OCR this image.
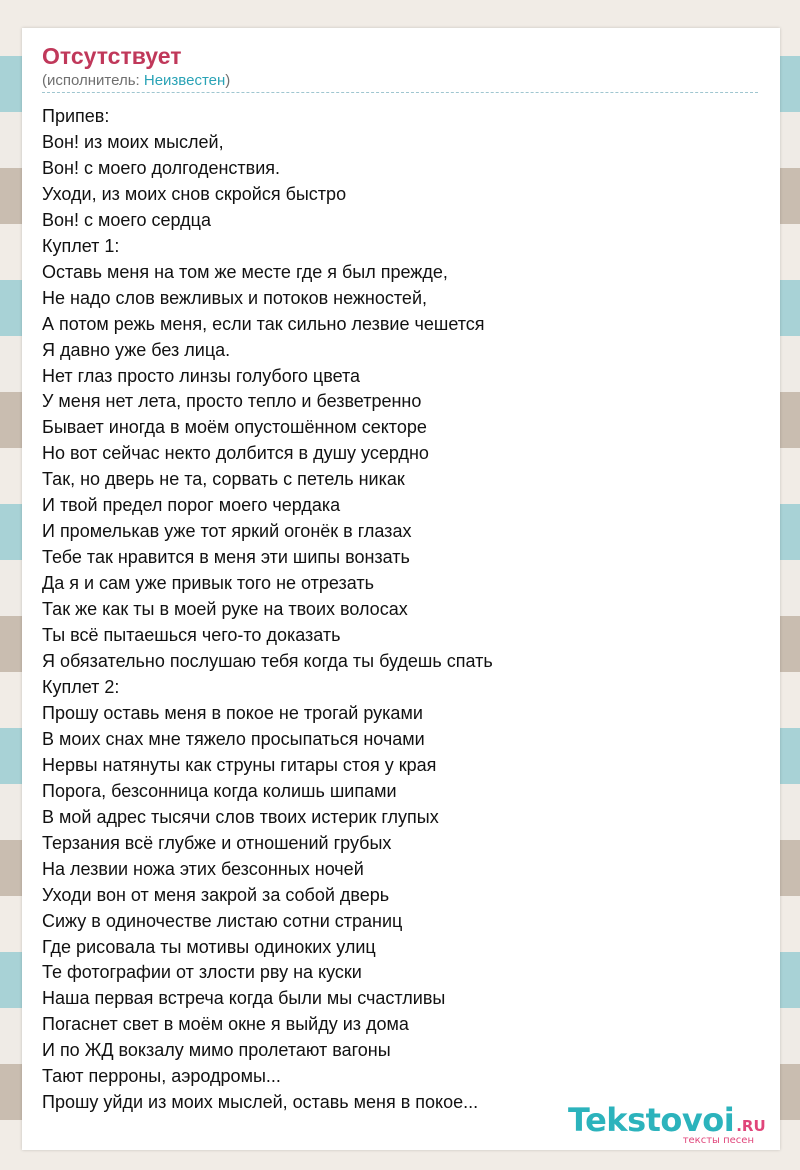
Отсутствует
(исполнитель: Неизвестен)
Припев:
Вон! из моих мыслей,
Вон! с моего долгоденствия.
Уходи, из моих снов скройся быстро
Вон! с моего сердца
Куплет 1:
Оставь меня на том же месте где я был прежде,
Не надо слов вежливых и потоков нежностей,
А потом режь меня, если так сильно лезвие чешется
Я давно уже без лица.
Нет глаз просто линзы голубого цвета
У меня нет лета, просто тепло и безветренно
Бывает иногда в моём опустошённом секторе
Но вот сейчас некто долбится в душу усердно
Так, но дверь не та, сорвать с петель никак
И твой предел порог моего чердака
И промелькав уже тот яркий огонёк в глазах
Тебе так нравится в меня эти шипы вонзать
Да я и сам уже привык того не отрезать
Так же как ты в моей руке на твоих волосах
Ты всё пытаешься чего-то доказать
Я обязательно послушаю тебя когда ты будешь спать
Куплет 2:
Прошу оставь меня в покое не трогай руками
В моих снах мне тяжело просыпаться ночами
Нервы натянуты как струны гитары стоя у края
Порога, безсонница когда колишь шипами
В мой адрес тысячи слов твоих истерик глупых
Терзания всё глубже и отношений грубых
На лезвии ножа этих безсонных ночей
Уходи вон от меня закрой за собой дверь
Сижу в одиночестве листаю сотни страниц
Где рисовала ты мотивы одиноких улиц
Те фотографии от злости рву на куски
Наша первая встреча когда были мы счастливы
Погаснет свет в моём окне я выйду из дома
И по ЖД вокзалу мимо пролетают вагоны
Тают перроны, аэродромы...
Прошу уйди из моих мыслей, оставь меня в покое...	Tekstovoi .RU
тексты песен
